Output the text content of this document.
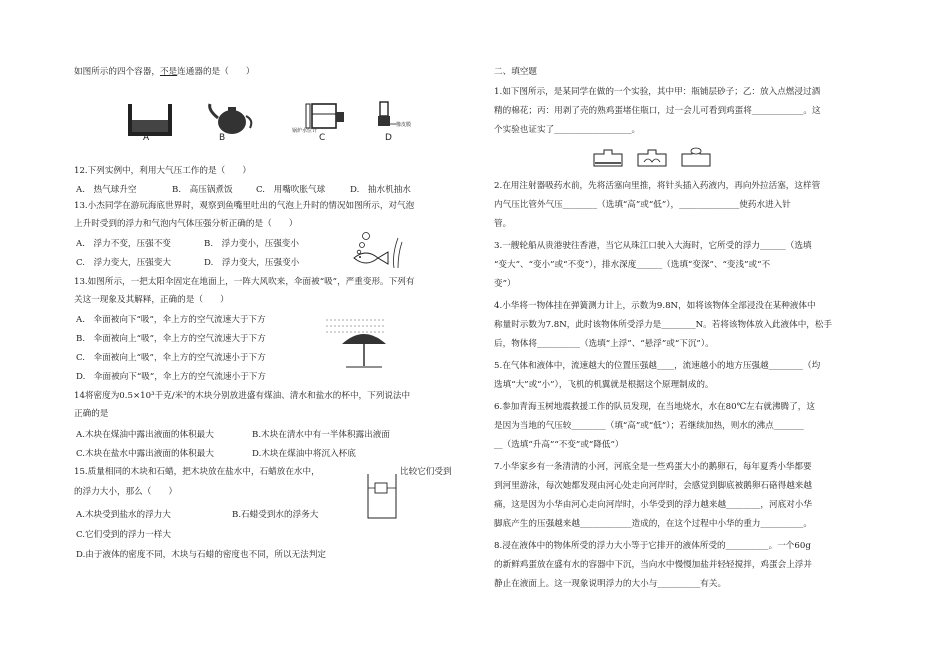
如图所示的四个容器，不是连通器的是（　　）
锅炉水位计
橡皮膜
A	B	C	D
12.下列实例中，利用大气压工作的是（　　）
A.　热气球升空	B.　高压锅煮饭	C.　用嘴吹胀气球	D.　抽水机抽水
13.小杰同学在游玩海底世界时，观察到鱼嘴里吐出的气泡上升时的情况如图所示，对气泡
上升时受到的浮力和气泡内气体压强分析正确的是（　　）
A.　浮力不变，压强不变	B.　浮力变小，压强变小
C.　浮力变大，压强变大	D.　浮力变大，压强变小
13.如图所示，一把太阳伞固定在地面上，一阵大风吹来，伞面被“吸”，严重变形。下列有
关这一现象及其解释，正确的是（　　）
A.　伞面被向下“吸”，伞上方的空气流速大于下方
B.　伞面被向上“吸”，伞上方的空气流速大于下方
C.　伞面被向上“吸”，伞上方的空气流速小于下方
D.　伞面被向下“吸”，伞上方的空气流速小于下方
14将密度为0.5×10³千克/米³的木块分别放进盛有煤油、清水和盐水的杯中，下列说法中
正确的是
A.木块在煤油中露出液面的体积最大	B.木块在清水中有一半体积露出液面
C.木块在盐水中露出液面的体积最大	D.木块在煤油中将沉入杯底
15.质量相同的木块和石蜡，把木块放在盐水中，石蜡放在水中，	比较它们受到
的浮力大小，那么（　　）
A.木块受到盐水的浮力大	B.石蜡受到水的浮务大
C.它们受到的浮力一样大
D.由于液体的密度不同，木块与石蜡的密度也不同，所以无法判定
二、填空题
1.如下图所示，是某同学在做的一个实验，其中甲：瓶铺层砂子；乙：放入点燃浸过酒
精的棉花；丙：用剥了壳的熟鸡蛋堵住瓶口，过一会儿可看到鸡蛋将____________。这
个实验也证实了__________________。
2.在用注射器吸药水前，先将活塞向里推，将针头插入药液内，再向外拉活塞，这样管
内气压比管外气压________（选填“高”或“低”），______________使药水进入针
管。
3.一艘轮船从贵港驶往香港，当它从珠江口驶入大海时，它所受的浮力______（选填
“变大”、“变小”或“不变”），排水深度______（选填“变深”、“变浅”或“不
变”）
4.小华将一物体挂在弹簧测力计上，示数为9.8N，如将该物体全部浸没在某种液体中
称量时示数为7.8N，此时该物体所受浮力是________N。若将该物体放入此液体中，松手
后，物体将__________（选填“上浮”、“悬浮”或“下沉”）。
5.在气体和液体中，流速越大的位置压强越____，流速越小的地方压强越________（均
选填“大”或“小”），飞机的机翼就是根据这个原理制成的。
6.参加青海玉树地震救援工作的队员发现，在当地烧水，水在80℃左右就沸腾了，这
是因为当地的气压较________（填“高”或“低”）；若继续加热，则水的沸点_______
__（选填“升高”“不变”或“降低”）
7.小华家乡有一条清清的小河，河底全是一些鸡蛋大小的鹅卵石，每年夏秀小华都要
到河里游泳，每次她都发现由河心处走向河岸时，会感觉到脚底被鹅卵石硌得越来越
痛，这是因为小华由河心走向河岸时，小华受到的浮力越来越________，河底对小华
脚底产生的压强越来越____________造成的，在这个过程中小华的重力__________。
8.浸在液体中的物体所受的浮力大小等于它排开的液体所受的__________。一个60g
的新鲜鸡蛋放在盛有水的容器中下沉，当向水中慢慢加盐并轻轻搅拌，鸡蛋会上浮并
静止在液面上。这一现象说明浮力的大小与__________有关。
